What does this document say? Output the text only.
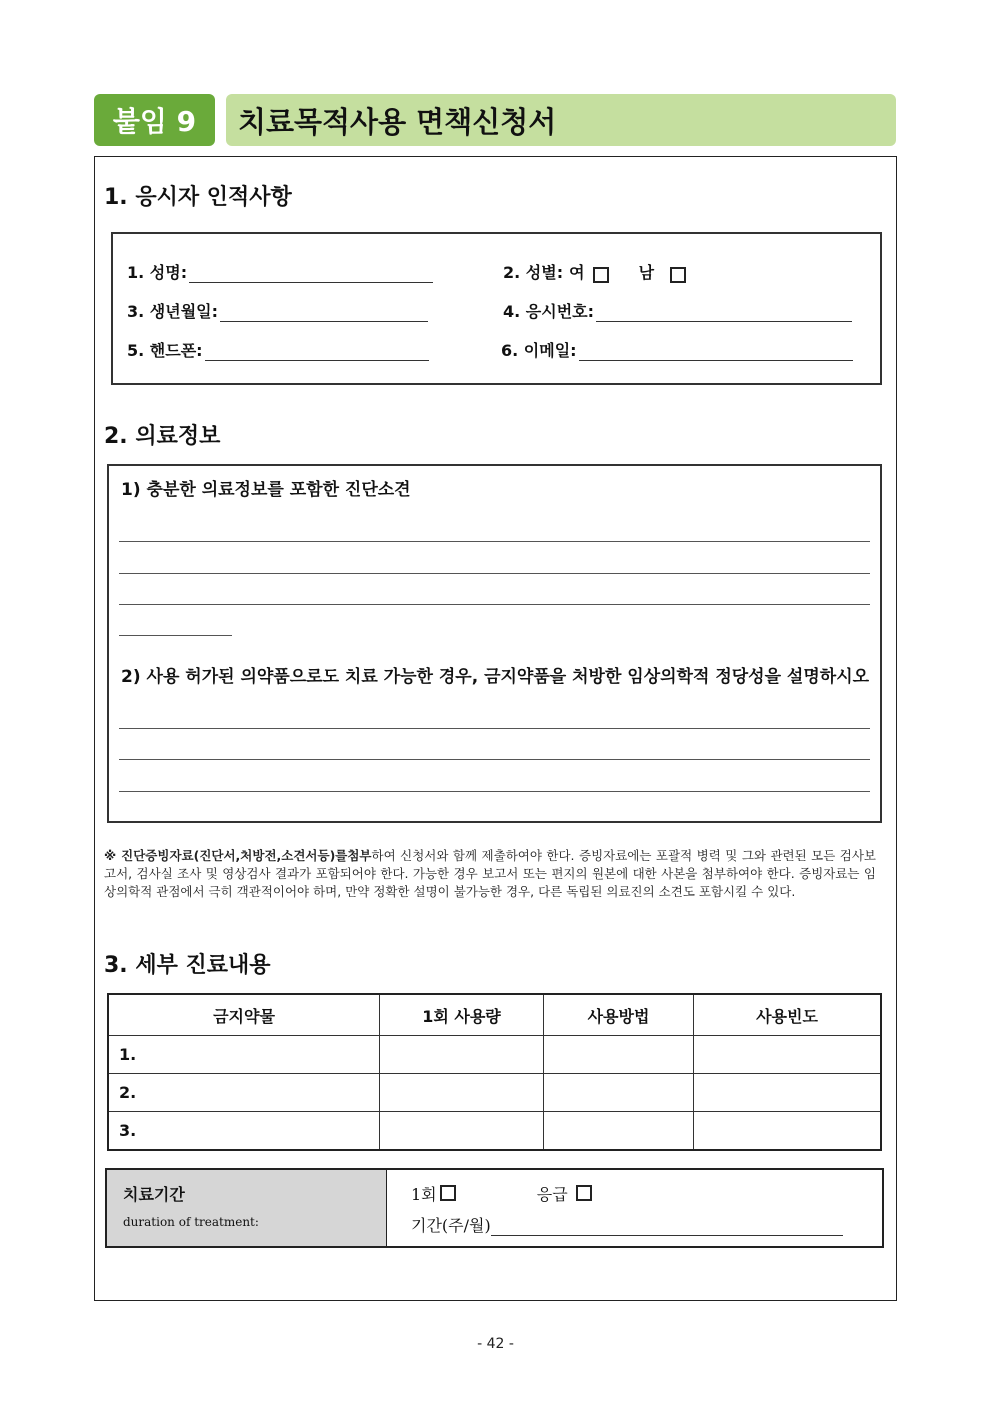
붙임 9	치료목적사용 면책신청서
1. 응시자 인적사항
1. 성명:	2. 성별: 여	남
3. 생년월일:	4. 응시번호:
5. 핸드폰:	6. 이메일:
2. 의료정보
1) 충분한 의료정보를 포함한 진단소견
2) 사용 허가된 의약품으로도 치료 가능한 경우, 금지약품을 처방한 임상의학적 정당성을 설명하시오
※ 진단증빙자료(진단서,처방전,소견서등)를첨부하여 신청서와 함께 제출하여야 한다. 증빙자료에는 포괄적 병력 및 그와 관련된 모든 검사보고서, 검사실 조사 및 영상검사 결과가 포함되어야 한다. 가능한 경우 보고서 또는 편지의 원본에 대한 사본을 첨부하여야 한다. 증빙자료는 임상의학적 관점에서 극히 객관적이어야 하며, 만약 정확한 설명이 불가능한 경우, 다른 독립된 의료진의 소견도 포함시킬 수 있다.
3. 세부 진료내용
금지약물	1회 사용량	사용방법	사용빈도
1.			
2.			
3.			
치료기간
duration of treatment:
1회	응급
기간(주/월)
- 42 -
